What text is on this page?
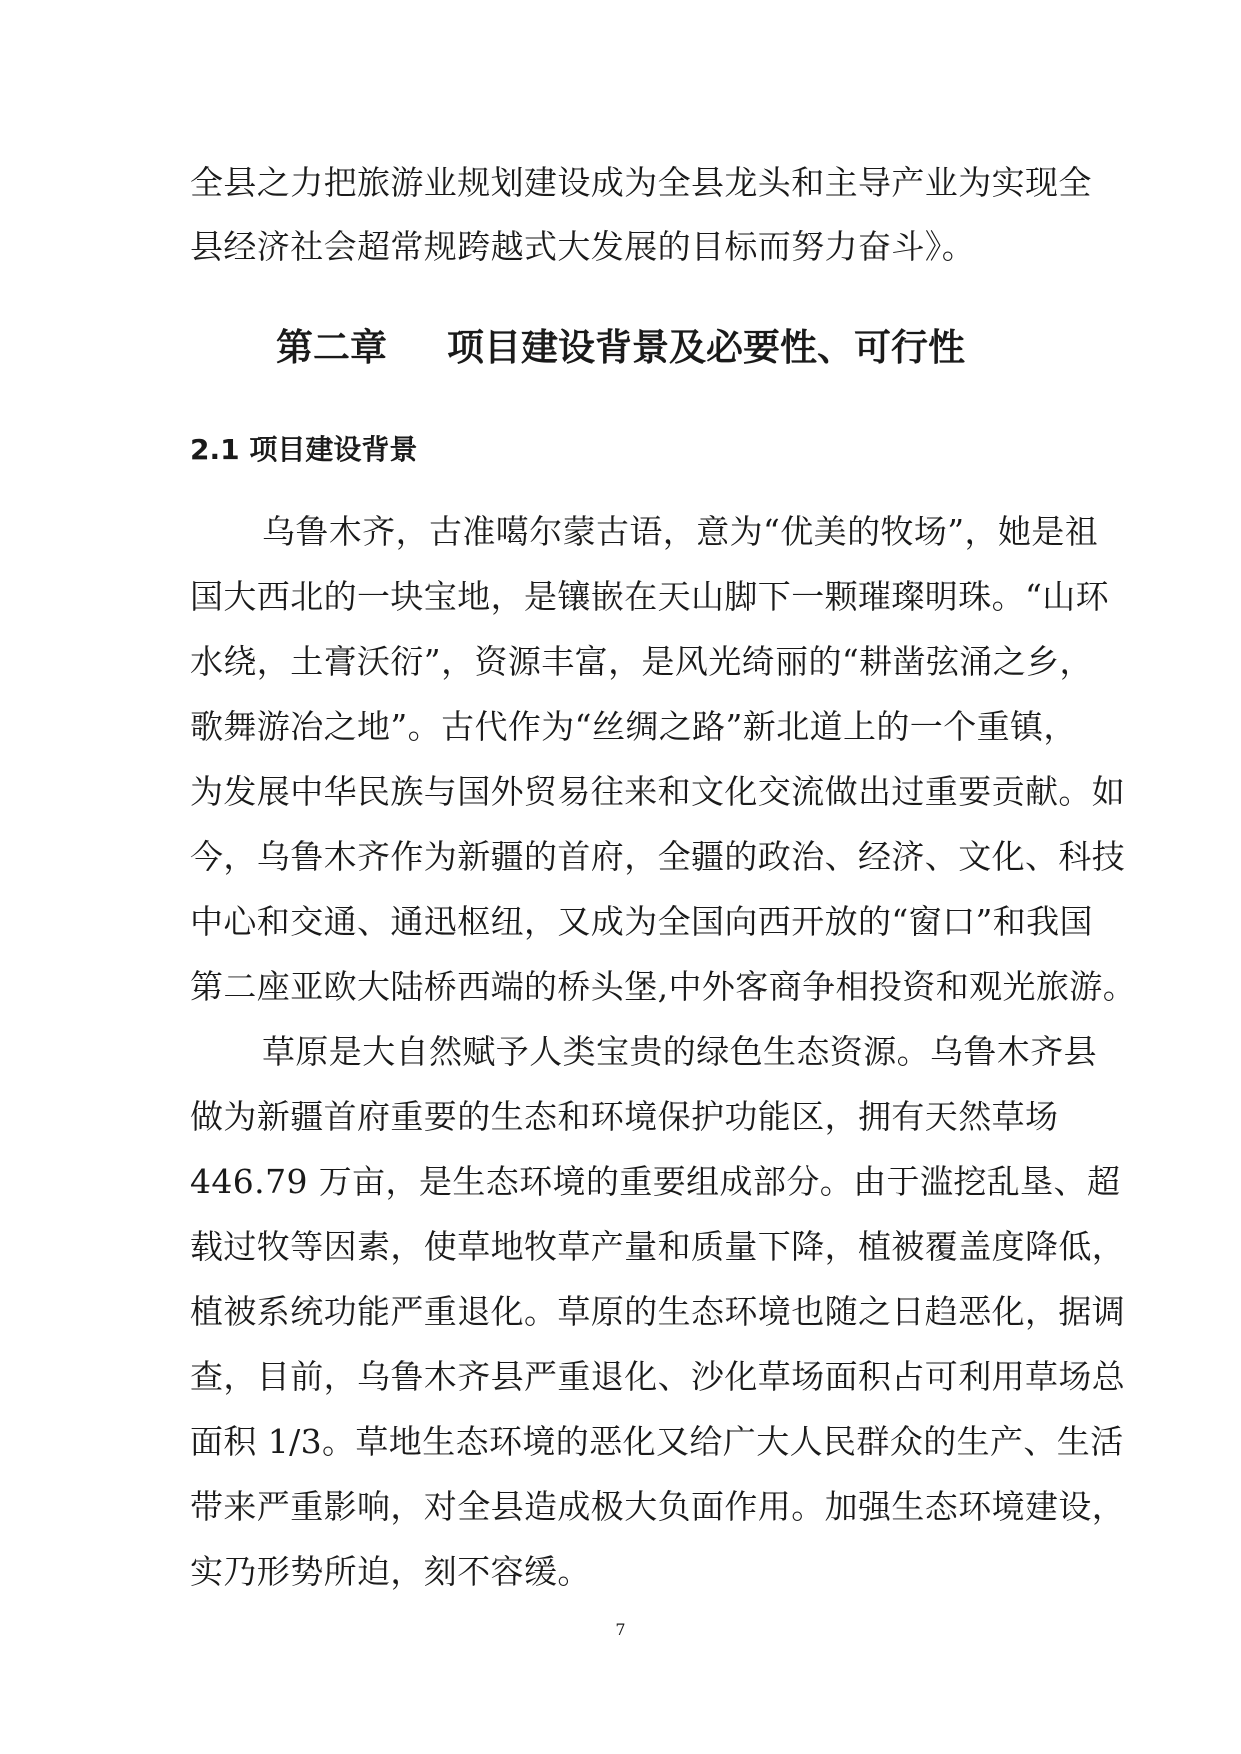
全县之力把旅游业规划建设成为全县龙头和主导产业为实现全
县经济社会超常规跨越式大发展的目标而努力奋斗》。
第二章 项目建设背景及必要性、可行性
2.1 项目建设背景
乌鲁木齐，古准噶尔蒙古语，意为“优美的牧场”，她是祖
国大西北的一块宝地，是镶嵌在天山脚下一颗璀璨明珠。“山环
水绕，土膏沃衍”，资源丰富，是风光绮丽的“耕凿弦涌之乡，
歌舞游冶之地”。古代作为“丝绸之路”新北道上的一个重镇，
为发展中华民族与国外贸易往来和文化交流做出过重要贡献。如
今，乌鲁木齐作为新疆的首府，全疆的政治、经济、文化、科技
中心和交通、通迅枢纽，又成为全国向西开放的“窗口”和我国
第二座亚欧大陆桥西端的桥头堡,中外客商争相投资和观光旅游。
草原是大自然赋予人类宝贵的绿色生态资源。乌鲁木齐县
做为新疆首府重要的生态和环境保护功能区，拥有天然草场
446.79 万亩，是生态环境的重要组成部分。由于滥挖乱垦、超
载过牧等因素，使草地牧草产量和质量下降，植被覆盖度降低，
植被系统功能严重退化。草原的生态环境也随之日趋恶化，据调
查，目前，乌鲁木齐县严重退化、沙化草场面积占可利用草场总
面积 1/3。草地生态环境的恶化又给广大人民群众的生产、生活
带来严重影响，对全县造成极大负面作用。加强生态环境建设，
实乃形势所迫，刻不容缓。
7
